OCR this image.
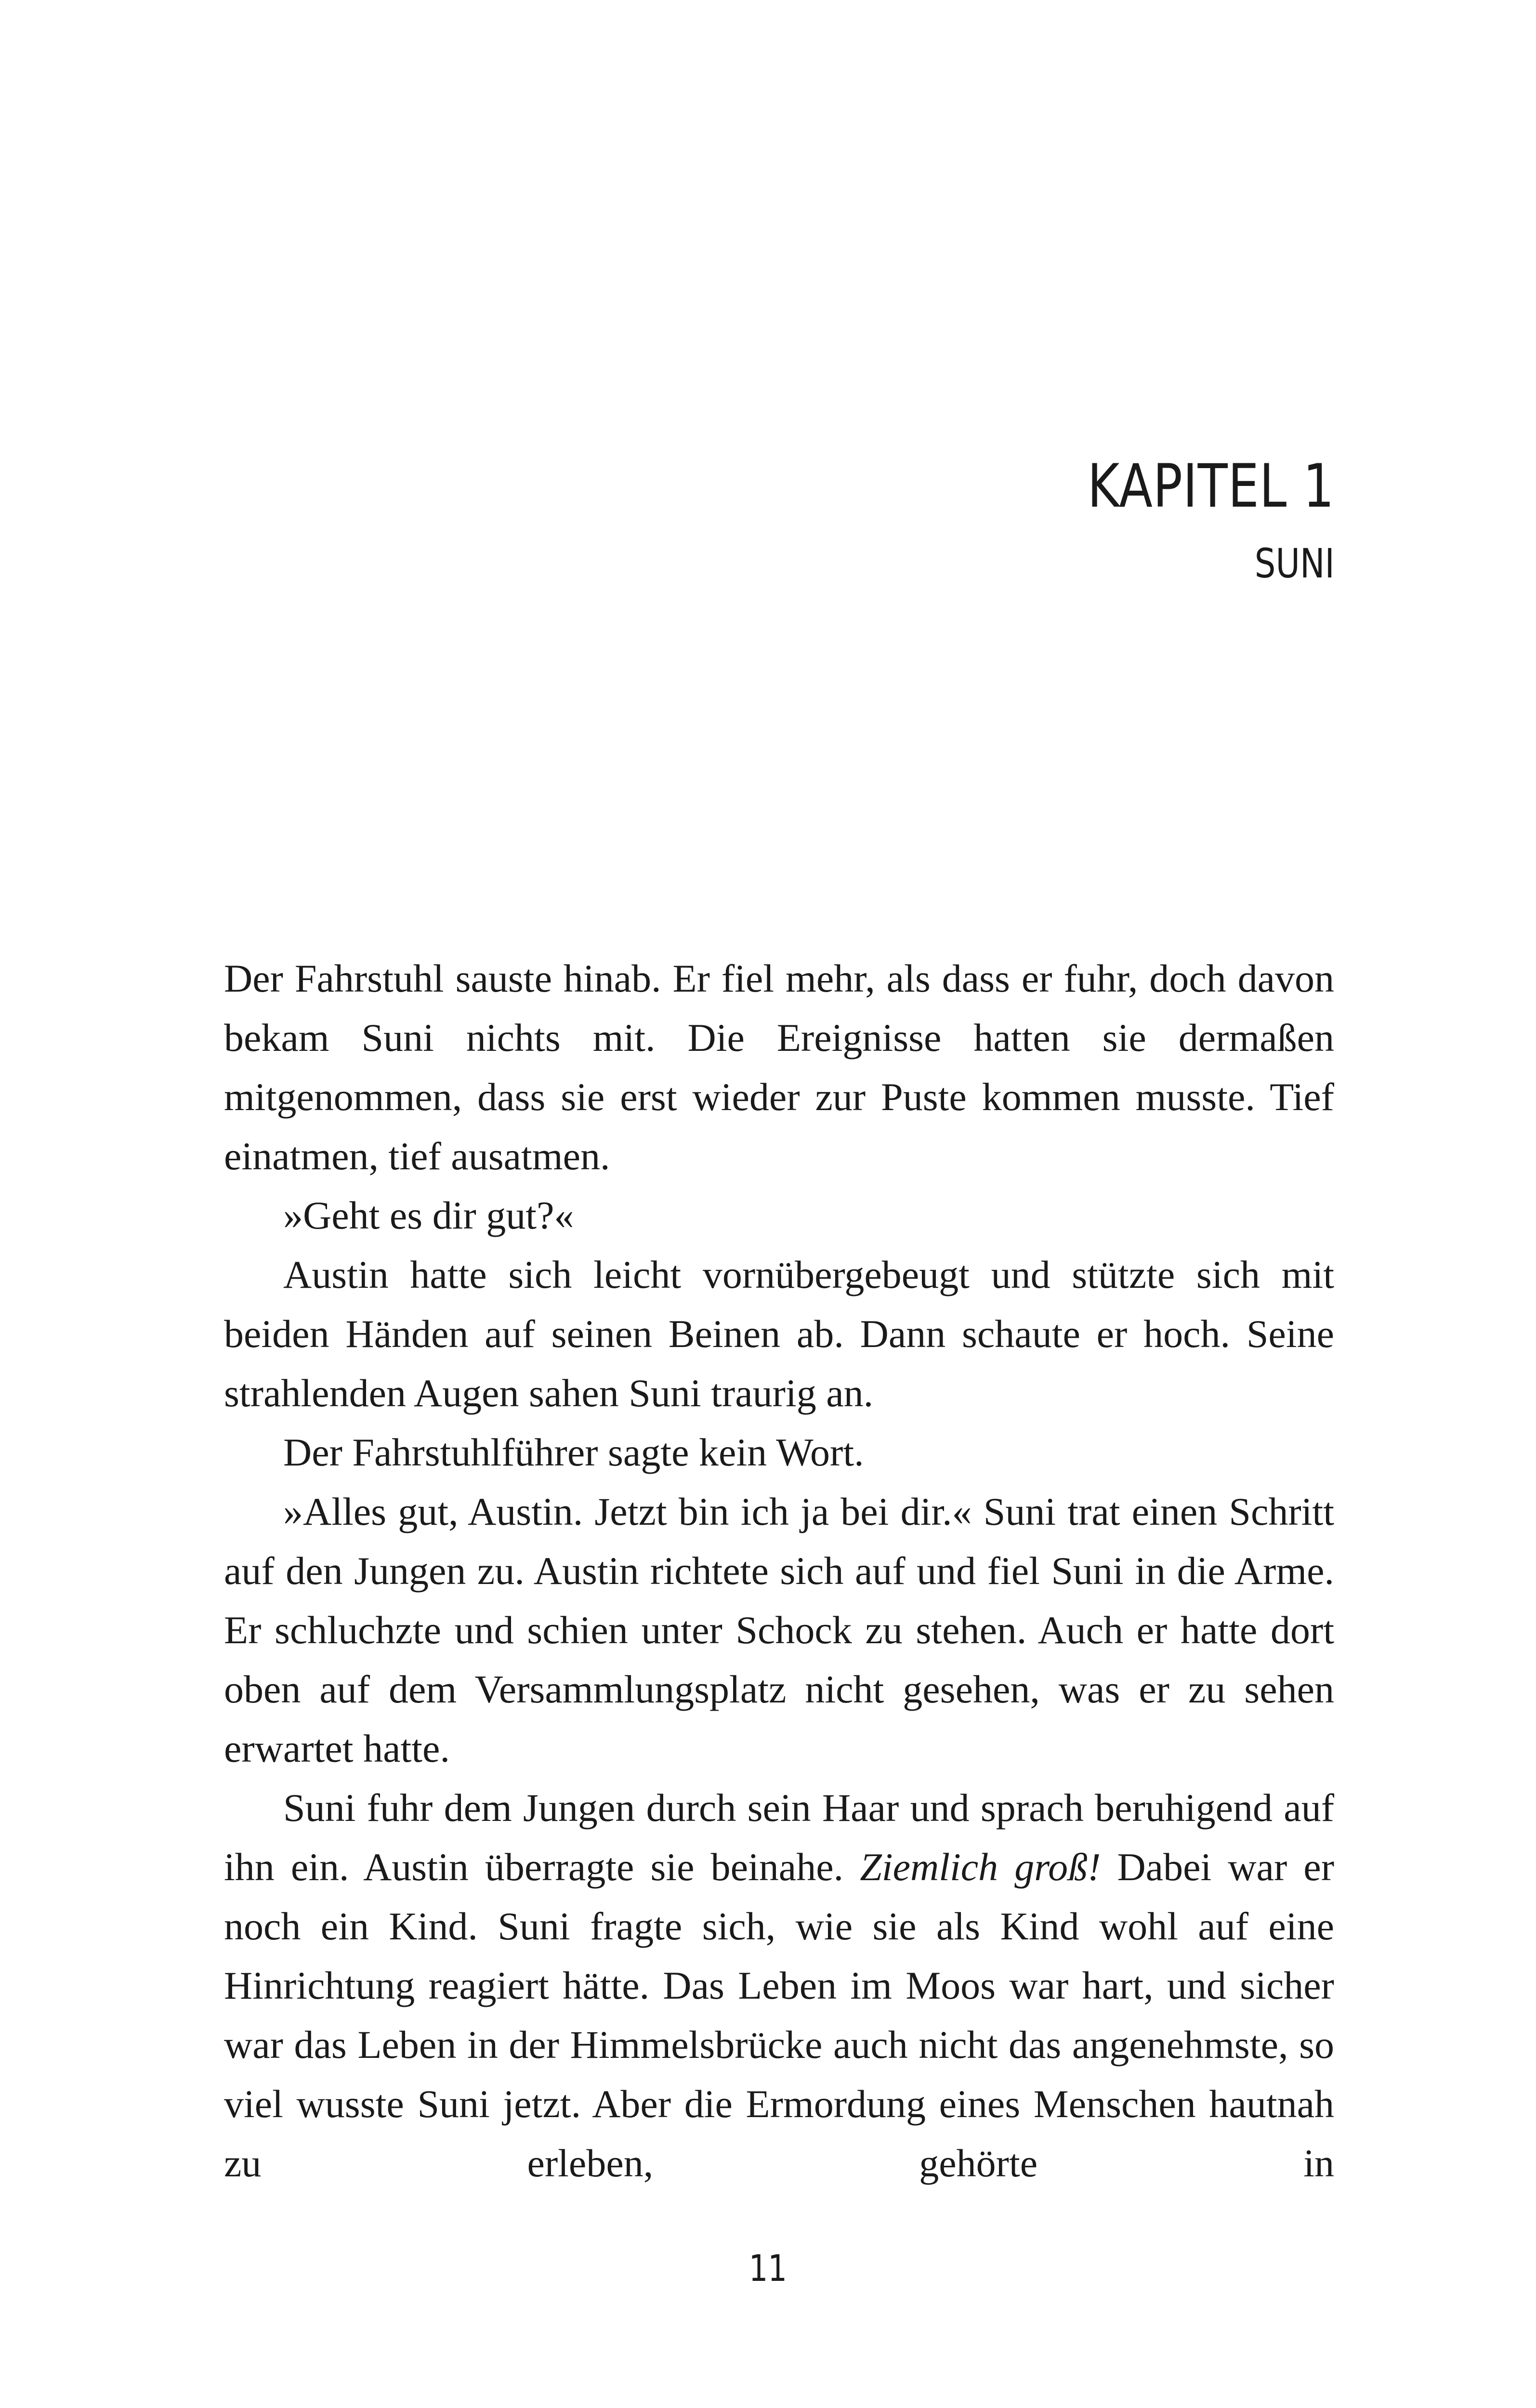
KAPITEL 1
SUNI

Der Fahrstuhl sauste hinab. Er fiel mehr, als dass er fuhr, doch davon bekam Suni nichts mit. Die Ereignisse hatten sie dermaßen mitgenommen, dass sie erst wieder zur Puste kommen musste. Tief einatmen, tief ausatmen.

»Geht es dir gut?«

Austin hatte sich leicht vornübergebeugt und stützte sich mit beiden Händen auf seinen Beinen ab. Dann schaute er hoch. Seine strahlenden Augen sahen Suni traurig an.

Der Fahrstuhlführer sagte kein Wort.

»Alles gut, Austin. Jetzt bin ich ja bei dir.« Suni trat einen Schritt auf den Jungen zu. Austin richtete sich auf und fiel Suni in die Arme. Er schluchzte und schien unter Schock zu stehen. Auch er hatte dort oben auf dem Versammlungsplatz nicht gesehen, was er zu sehen erwartet hatte.

Suni fuhr dem Jungen durch sein Haar und sprach beruhigend auf ihn ein. Austin überragte sie beinahe. Ziemlich groß! Dabei war er noch ein Kind. Suni fragte sich, wie sie als Kind wohl auf eine Hinrichtung reagiert hätte. Das Leben im Moos war hart, und sicher war das Leben in der Himmelsbrücke auch nicht das angenehmste, so viel wusste Suni jetzt. Aber die Ermordung eines Menschen hautnah zu erleben, gehörte in

11
